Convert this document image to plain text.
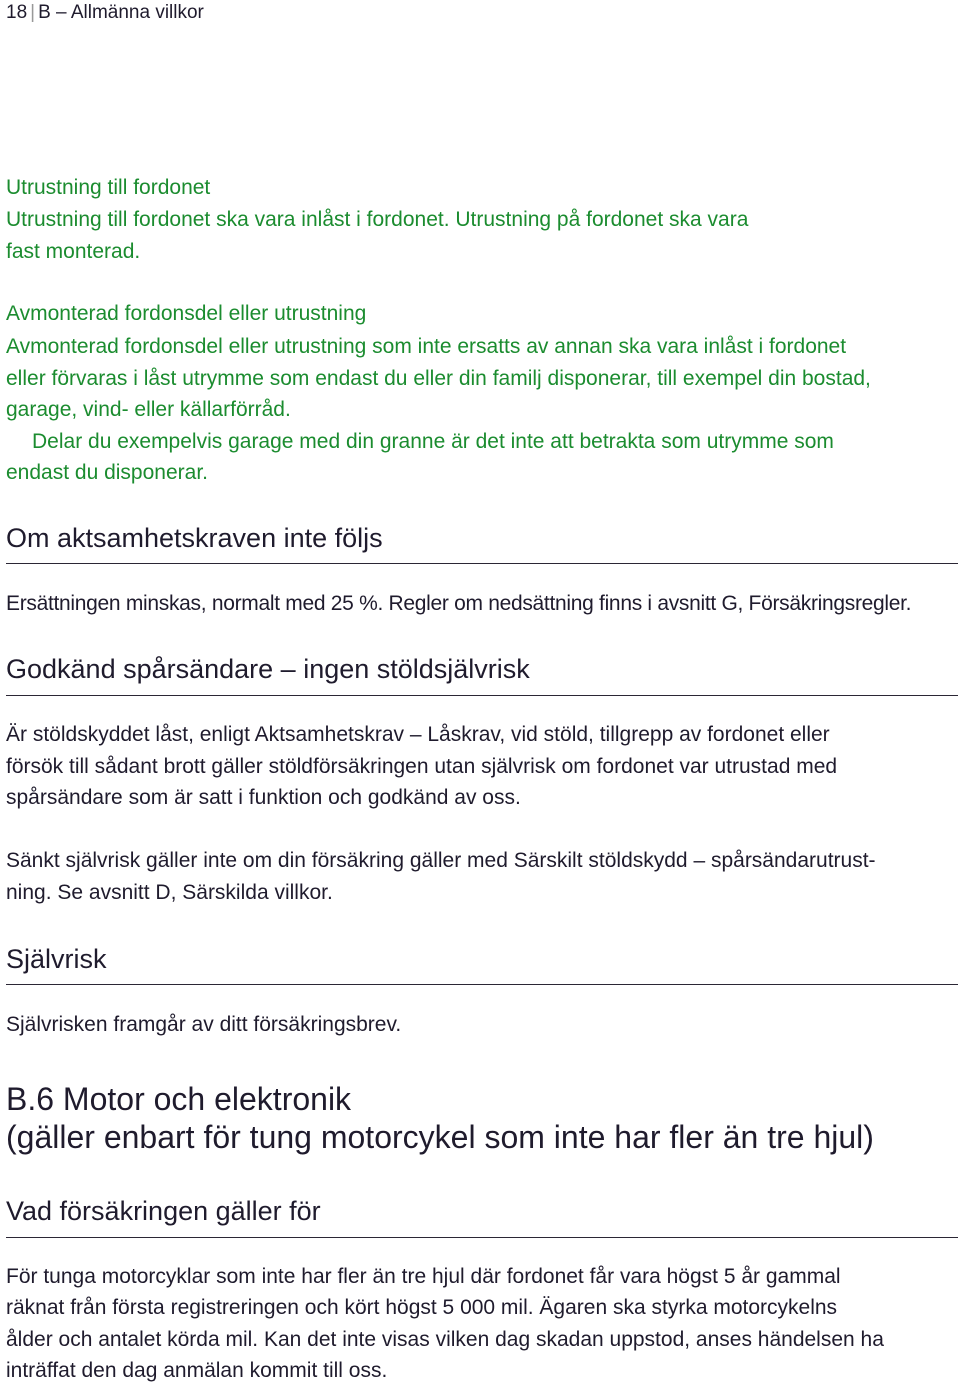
18 | B – Allmänna villkor
Utrustning till fordonet
Utrustning till fordonet ska vara inlåst i fordonet. Utrustning på fordonet ska vara
fast monterad.
Avmonterad fordonsdel eller utrustning
Avmonterad fordonsdel eller utrustning som inte ersatts av annan ska vara inlåst i fordonet
eller förvaras i låst utrymme som endast du eller din familj disponerar, till exempel din bostad,
garage, vind- eller källarförråd.
Delar du exempelvis garage med din granne är det inte att betrakta som utrymme som
endast du disponerar.
Om aktsamhetskraven inte följs
Ersättningen minskas, normalt med 25 %. Regler om nedsättning finns i avsnitt G, Försäkringsregler.
Godkänd spårsändare – ingen stöldsjälvrisk
Är stöldskyddet låst, enligt Aktsamhetskrav – Låskrav, vid stöld, tillgrepp av fordonet eller
försök till sådant brott gäller stöldförsäkringen utan självrisk om fordonet var utrustad med
spårsändare som är satt i funktion och godkänd av oss.
Sänkt självrisk gäller inte om din försäkring gäller med Särskilt stöldskydd – spårsändarutrust-
ning. Se avsnitt D, Särskilda villkor.
Självrisk
Självrisken framgår av ditt försäkringsbrev.
B.6 Motor och elektronik
(gäller enbart för tung motorcykel som inte har fler än tre hjul)
Vad försäkringen gäller för
För tunga motorcyklar som inte har fler än tre hjul där fordonet får vara högst 5 år gammal
räknat från första registreringen och kört högst 5 000 mil. Ägaren ska styrka motorcykelns
ålder och antalet körda mil. Kan det inte visas vilken dag skadan uppstod, anses händelsen ha
inträffat den dag anmälan kommit till oss.
